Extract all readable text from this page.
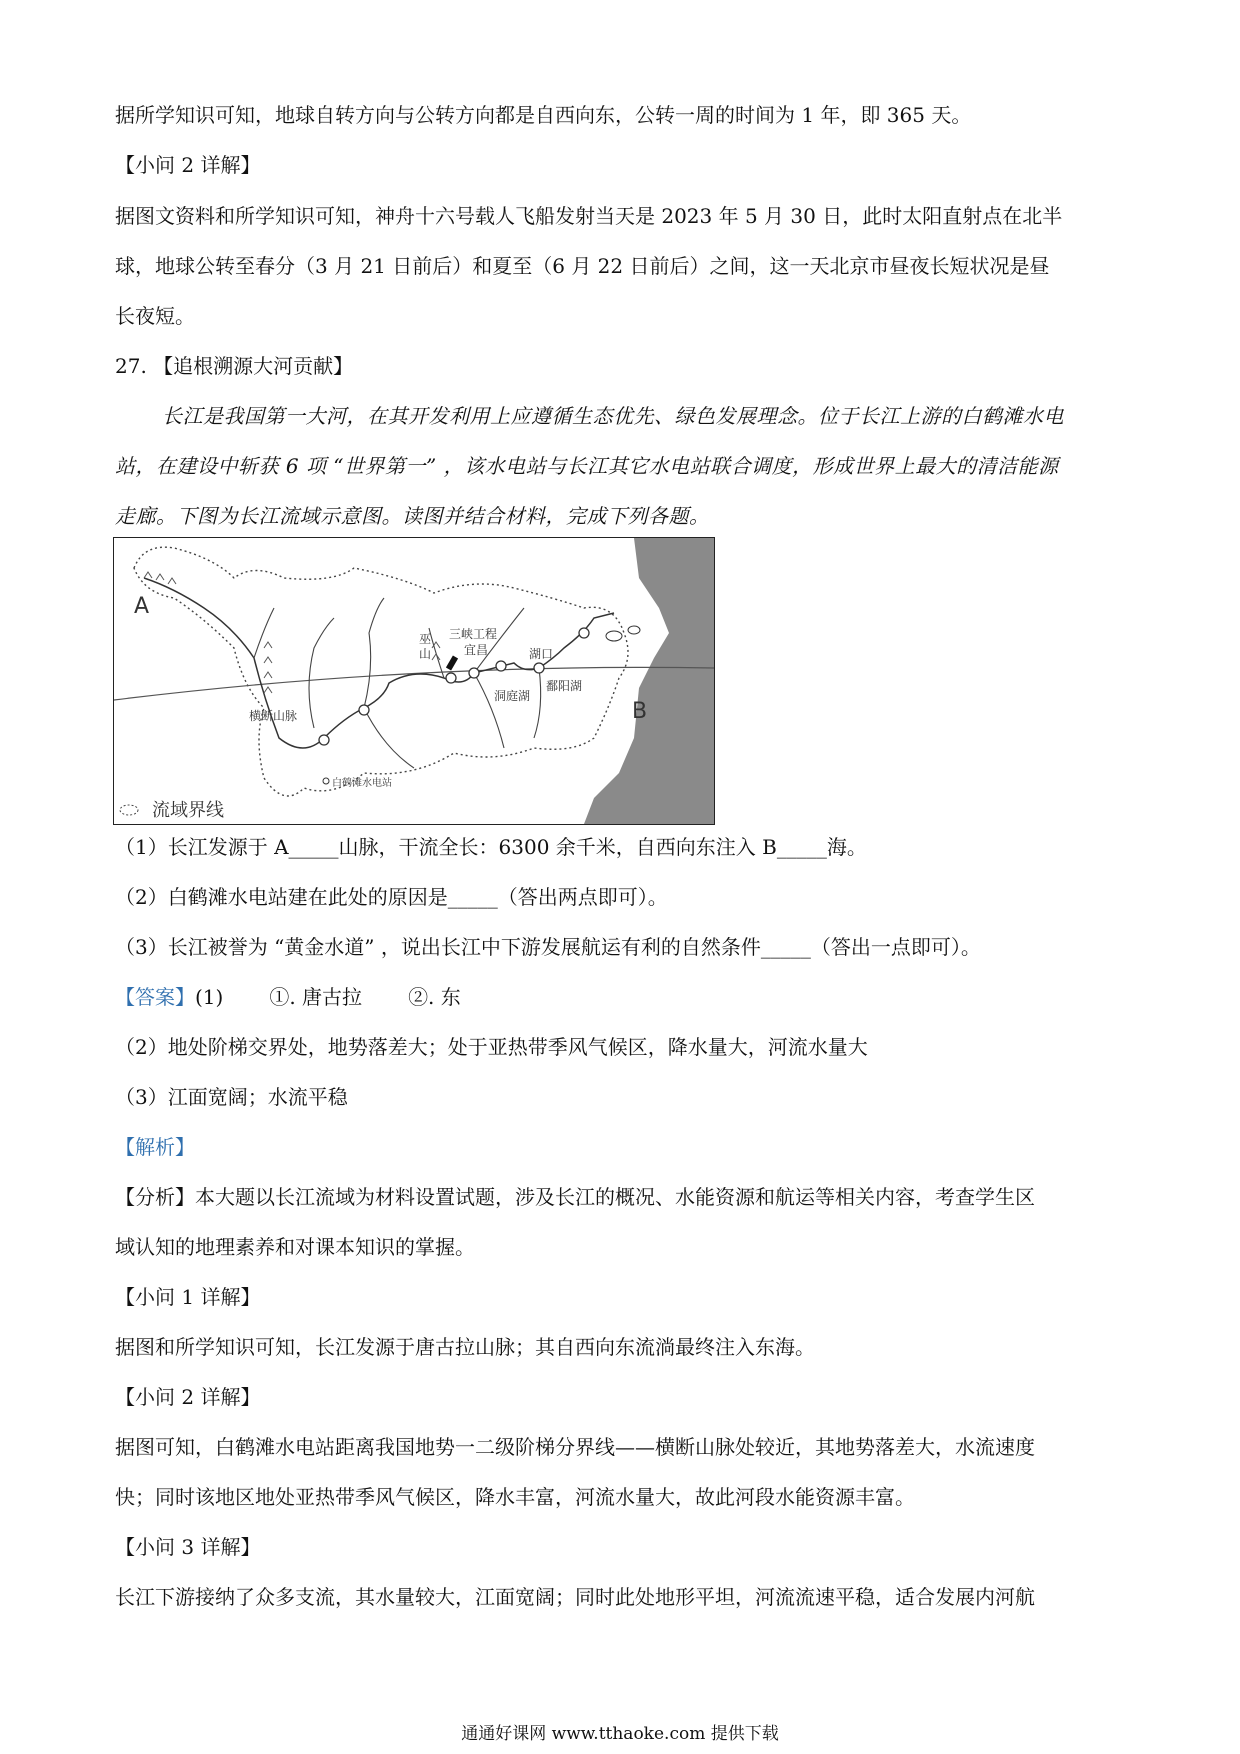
据所学知识可知，地球自转方向与公转方向都是自西向东，公转一周的时间为 1 年，即 365 天。
【小问 2 详解】
据图文资料和所学知识可知，神舟十六号载人飞船发射当天是 2023 年 5 月 30 日，此时太阳直射点在北半
球，地球公转至春分（3 月 21 日前后）和夏至（6 月 22 日前后）之间，这一天北京市昼夜长短状况是昼
长夜短。
27. 【追根溯源大河贡献】
长江是我国第一大河，在其开发利用上应遵循生态优先、绿色发展理念。位于长江上游的白鹤滩水电
站，在建设中斩获 6 项 “世界第一” ，该水电站与长江其它水电站联合调度，形成世界上最大的清洁能源
走廊。下图为长江流域示意图。读图并结合材料，完成下列各题。
A
B
横断山脉
巫
山
三峡工程
宜昌	湖口
洞庭湖
鄱阳湖
白鹤滩水电站
流域界线
（1）长江发源于 A_____山脉，干流全长：6300 余千米，自西向东注入 B_____海。
（2）白鹤滩水电站建在此处的原因是_____（答出两点即可）。
（3）长江被誉为 “黄金水道” ，说出长江中下游发展航运有利的自然条件_____（答出一点即可）。
【答案】(1) ①. 唐古拉 ②. 东
（2）地处阶梯交界处，地势落差大；处于亚热带季风气候区，降水量大，河流水量大
（3）江面宽阔；水流平稳
【解析】
【分析】本大题以长江流域为材料设置试题，涉及长江的概况、水能资源和航运等相关内容，考查学生区
域认知的地理素养和对课本知识的掌握。
【小问 1 详解】
据图和所学知识可知，长江发源于唐古拉山脉；其自西向东流淌最终注入东海。
【小问 2 详解】
据图可知，白鹤滩水电站距离我国地势一二级阶梯分界线——横断山脉处较近，其地势落差大，水流速度
快；同时该地区地处亚热带季风气候区，降水丰富，河流水量大，故此河段水能资源丰富。
【小问 3 详解】
长江下游接纳了众多支流，其水量较大，江面宽阔；同时此处地形平坦，河流流速平稳，适合发展内河航
通通好课网 www.tthaoke.com 提供下载
